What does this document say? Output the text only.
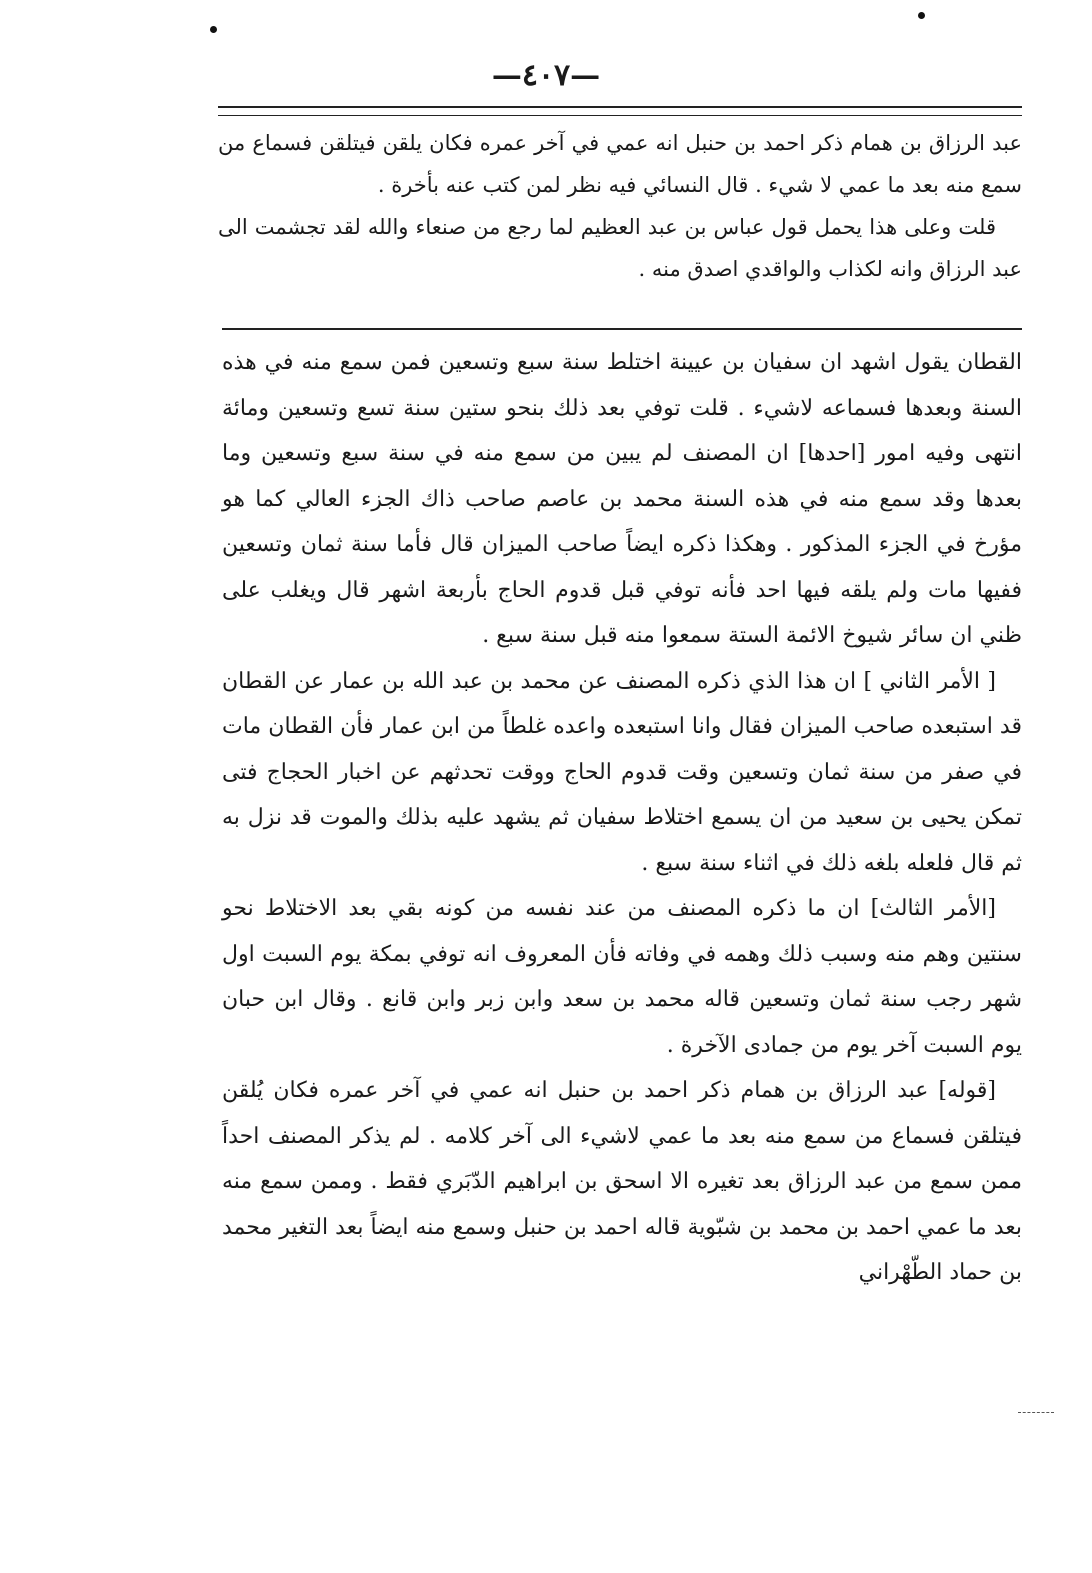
—٤٠٧—

عبد الرزاق بن همام ذكر احمد بن حنبل انه عمي في آخر عمره فكان يلقن فيتلقن فسماع من سمع منه بعد ما عمي لا شيء . قال النسائي فيه نظر لمن كتب عنه بأخرة .

قلت وعلى هذا يحمل قول عباس بن عبد العظيم لما رجع من صنعاء والله لقد تجشمت الى عبد الرزاق وانه لكذاب والواقدي اصدق منه .

القطان يقول اشهد ان سفيان بن عيينة اختلط سنة سبع وتسعين فمن سمع منه في هذه السنة وبعدها فسماعه لاشيء . قلت توفي بعد ذلك بنحو ستين سنة تسع وتسعين ومائة انتهى وفيه امور [احدها] ان المصنف لم يبين من سمع منه في سنة سبع وتسعين وما بعدها وقد سمع منه في هذه السنة محمد بن عاصم صاحب ذاك الجزء العالي كما هو مؤرخ في الجزء المذكور . وهكذا ذكره ايضاً صاحب الميزان قال فأما سنة ثمان وتسعين ففيها مات ولم يلقه فيها احد فأنه توفي قبل قدوم الحاج بأربعة اشهر قال ويغلب على ظني ان سائر شيوخ الائمة الستة سمعوا منه قبل سنة سبع .

[ الأمر الثاني ] ان هذا الذي ذكره المصنف عن محمد بن عبد الله بن عمار عن القطان قد استبعده صاحب الميزان فقال وانا استبعده واعده غلطاً من ابن عمار فأن القطان مات في صفر من سنة ثمان وتسعين وقت قدوم الحاج ووقت تحدثهم عن اخبار الحجاج فتى تمكن يحيى بن سعيد من ان يسمع اختلاط سفيان ثم يشهد عليه بذلك والموت قد نزل به ثم قال فلعله بلغه ذلك في اثناء سنة سبع .

[الأمر الثالث] ان ما ذكره المصنف من عند نفسه من كونه بقي بعد الاختلاط نحو سنتين وهم منه وسبب ذلك وهمه في وفاته فأن المعروف انه توفي بمكة يوم السبت اول شهر رجب سنة ثمان وتسعين قاله محمد بن سعد وابن زبر وابن قانع . وقال ابن حبان يوم السبت آخر يوم من جمادى الآخرة .

[قوله] عبد الرزاق بن همام ذكر احمد بن حنبل انه عمي في آخر عمره فكان يُلقن فيتلقن فسماع من سمع منه بعد ما عمي لاشيء الى آخر كلامه . لم يذكر المصنف احداً ممن سمع من عبد الرزاق بعد تغيره الا اسحق بن ابراهيم الدّبَري فقط . وممن سمع منه بعد ما عمي احمد بن محمد بن شبّوية قاله احمد بن حنبل وسمع منه ايضاً بعد التغير محمد بن حماد الطّهْراني
